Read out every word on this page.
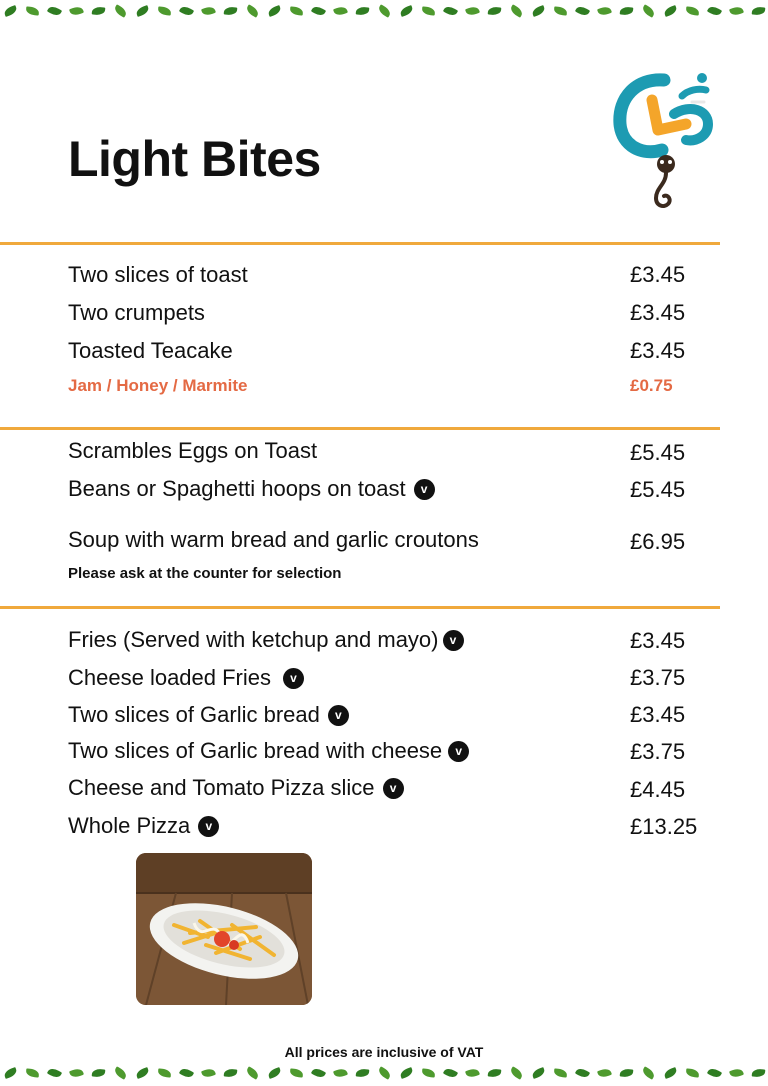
Light Bites
Two slices of toast	£3.45
Two crumpets	£3.45
Toasted Teacake	£3.45
Jam / Honey / Marmite	£0.75
Scrambles Eggs on Toast	£5.45
Beans or Spaghetti hoops on toast	v	£5.45
Soup with warm bread and garlic croutons	£6.95
Please ask at the counter for selection
Fries (Served with ketchup and mayo) v	£3.45
Cheese loaded Fries	v	£3.75
Two slices of Garlic bread	v	£3.45
Two slices of Garlic bread with cheese	v	£3.75
Cheese and Tomato Pizza slice	v	£4.45
Whole Pizza	v	£13.25
All prices are inclusive of VAT
